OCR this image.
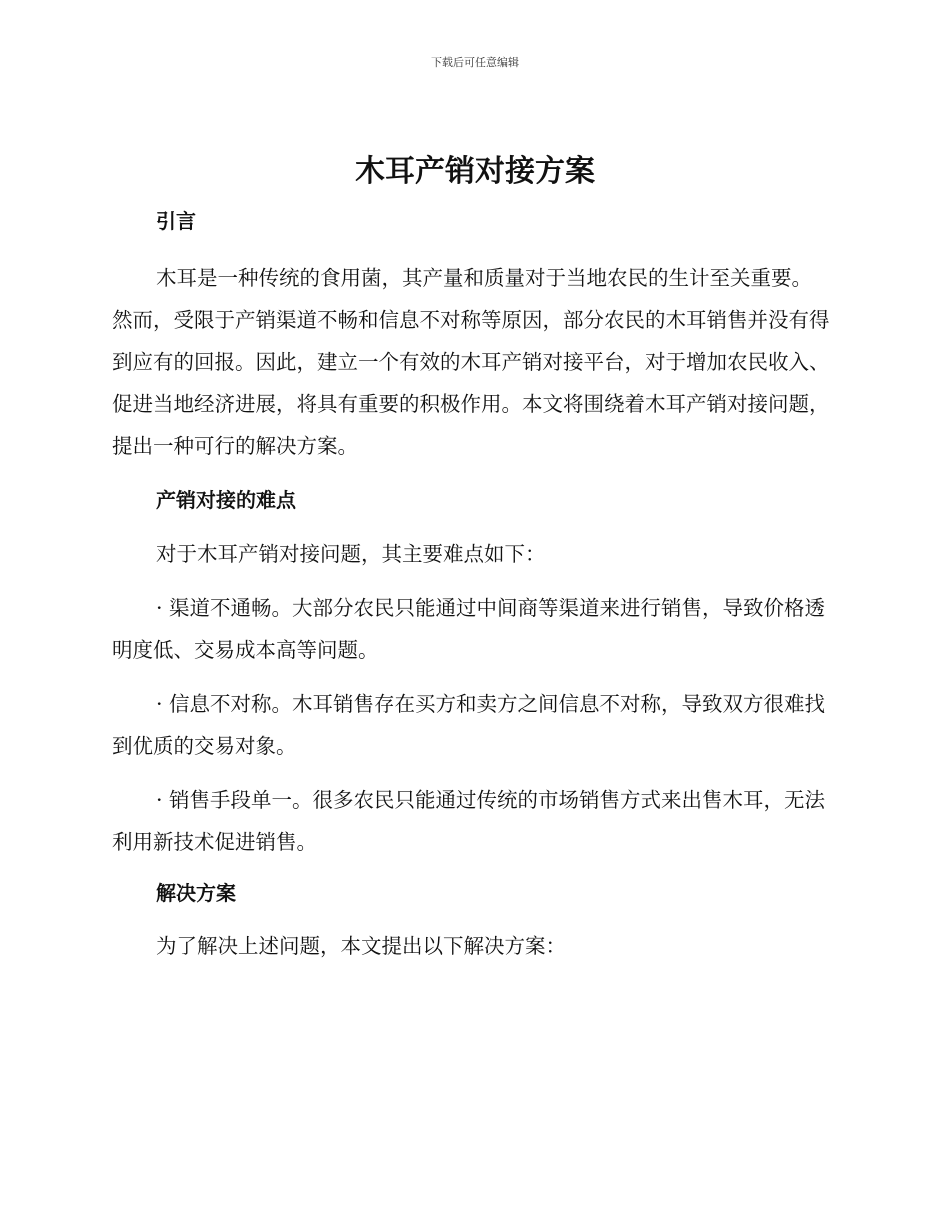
下载后可任意编辑
木耳产销对接方案
引言

木耳是一种传统的食用菌，其产量和质量对于当地农民的生计至关重要。然而，受限于产销渠道不畅和信息不对称等原因，部分农民的木耳销售并没有得到应有的回报。因此，建立一个有效的木耳产销对接平台，对于增加农民收入、促进当地经济进展，将具有重要的积极作用。本文将围绕着木耳产销对接问题，提出一种可行的解决方案。

产销对接的难点

对于木耳产销对接问题，其主要难点如下：

· 渠道不通畅。大部分农民只能通过中间商等渠道来进行销售，导致价格透明度低、交易成本高等问题。

· 信息不对称。木耳销售存在买方和卖方之间信息不对称，导致双方很难找到优质的交易对象。

· 销售手段单一。很多农民只能通过传统的市场销售方式来出售木耳，无法利用新技术促进销售。

解决方案

为了解决上述问题，本文提出以下解决方案：
